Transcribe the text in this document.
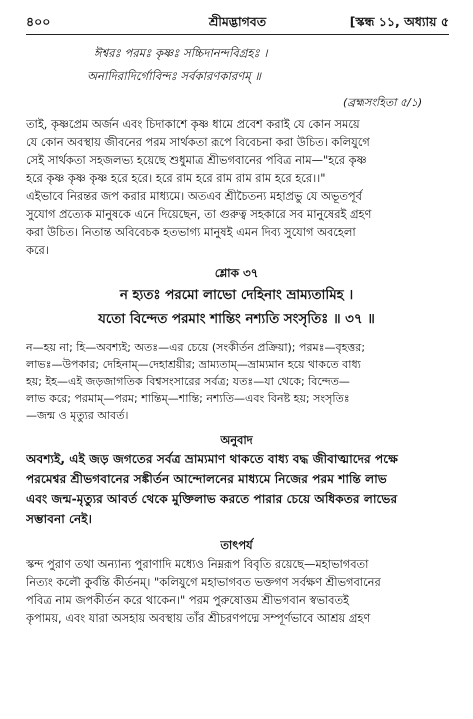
৪০০	শ্রীমদ্ভাগবত	[স্কন্ধ ১১, অধ্যায় ৫
ঈশ্বরঃ পরমঃ কৃষ্ণঃ সচ্চিদানন্দবিগ্রহঃ ।
অনাদিরাদির্গোবিন্দঃ সর্বকারণকারণম্ ॥
(ব্রহ্মসংহিতা ৫/১)
তাই, কৃষ্ণপ্রেম অর্জন এবং চিদাকাশে কৃষ্ণ ধামে প্রবেশ করাই যে কোন সময়ে
যে কোন অবস্থায় জীবনের পরম সার্থকতা রূপে বিবেচনা করা উচিত। কলিযুগে
সেই সার্থকতা সহজলভ্য হয়েছে শুধুমাত্র শ্রীভগবানের পবিত্র নাম—"হরে কৃষ্ণ
হরে কৃষ্ণ কৃষ্ণ কৃষ্ণ হরে হরে। হরে রাম হরে রাম রাম রাম হরে হরে।।"
এইভাবে নিরন্তর জপ করার মাধ্যমে। অতএব শ্রীচৈতন্য মহাপ্রভু যে অভূতপূর্ব
সুযোগ প্রত্যেক মানুষকে এনে দিয়েছেন, তা গুরুত্ব সহকারে সব মানুষেরই গ্রহণ
করা উচিত। নিতান্ত অবিবেচক হতভাগ্য মানুষই এমন দিব্য সুযোগ অবহেলা
করে।
শ্লোক ৩৭
ন হ্যতঃ পরমো লাভো দেহিনাং ভ্রাম্যতামিহ ।
যতো বিন্দেত পরমাং শান্তিং নশ্যতি সংসৃতিঃ ॥ ৩৭ ॥
ন—হয় না; হি—অবশ্যই; অতঃ—এর চেয়ে (সংকীর্তন প্রক্রিয়া); পরমঃ—বৃহত্তর;
লাভঃ—উপকার; দেহিনাম্—দেহাশ্রয়ীর; ভ্রাম্যতাম্—ভ্রাম্যমান হয়ে থাকতে বাধ্য
হয়; ইহ—এই জড়জাগতিক বিশ্বসংসারের সর্বত্র; যতঃ—যা থেকে; বিন্দেত—
লাভ করে; পরমাম্—পরম; শান্তিম্—শান্তি; নশ্যতি—এবং বিনষ্ট হয়; সংসৃতিঃ
—জন্ম ও মৃত্যুর আবর্ত।
অনুবাদ
অবশ্যই, এই জড় জগতের সর্বত্র ভ্রাম্যমাণ থাকতে বাধ্য বদ্ধ জীবাত্মাদের পক্ষে
পরমেশ্বর শ্রীভগবানের সঙ্কীর্তন আন্দোলনের মাধ্যমে নিজের পরম শান্তি লাভ
এবং জন্ম-মৃত্যুর আবর্ত থেকে মুক্তিলাভ করতে পারার চেয়ে অধিকতর লাভের
সম্ভাবনা নেই।
তাৎপর্য
স্কন্দ পুরাণ তথা অন্যান্য পুরাণাদি মধ্যেও নিম্নরূপ বিবৃতি রয়েছে—মহাভাগবতা
নিত্যং কলৌ কুর্বন্তি কীর্তনম্। "কলিযুগে মহাভাগবত ভক্তগণ সর্বক্ষণ শ্রীভগবানের
পবিত্র নাম জপকীর্তন করে থাকেন।" পরম পুরুষোত্তম শ্রীভগবান স্বভাবতই
কৃপাময়, এবং যারা অসহায় অবস্থায় তাঁর শ্রীচরণপদ্মে সম্পূর্ণভাবে আশ্রয় গ্রহণ
